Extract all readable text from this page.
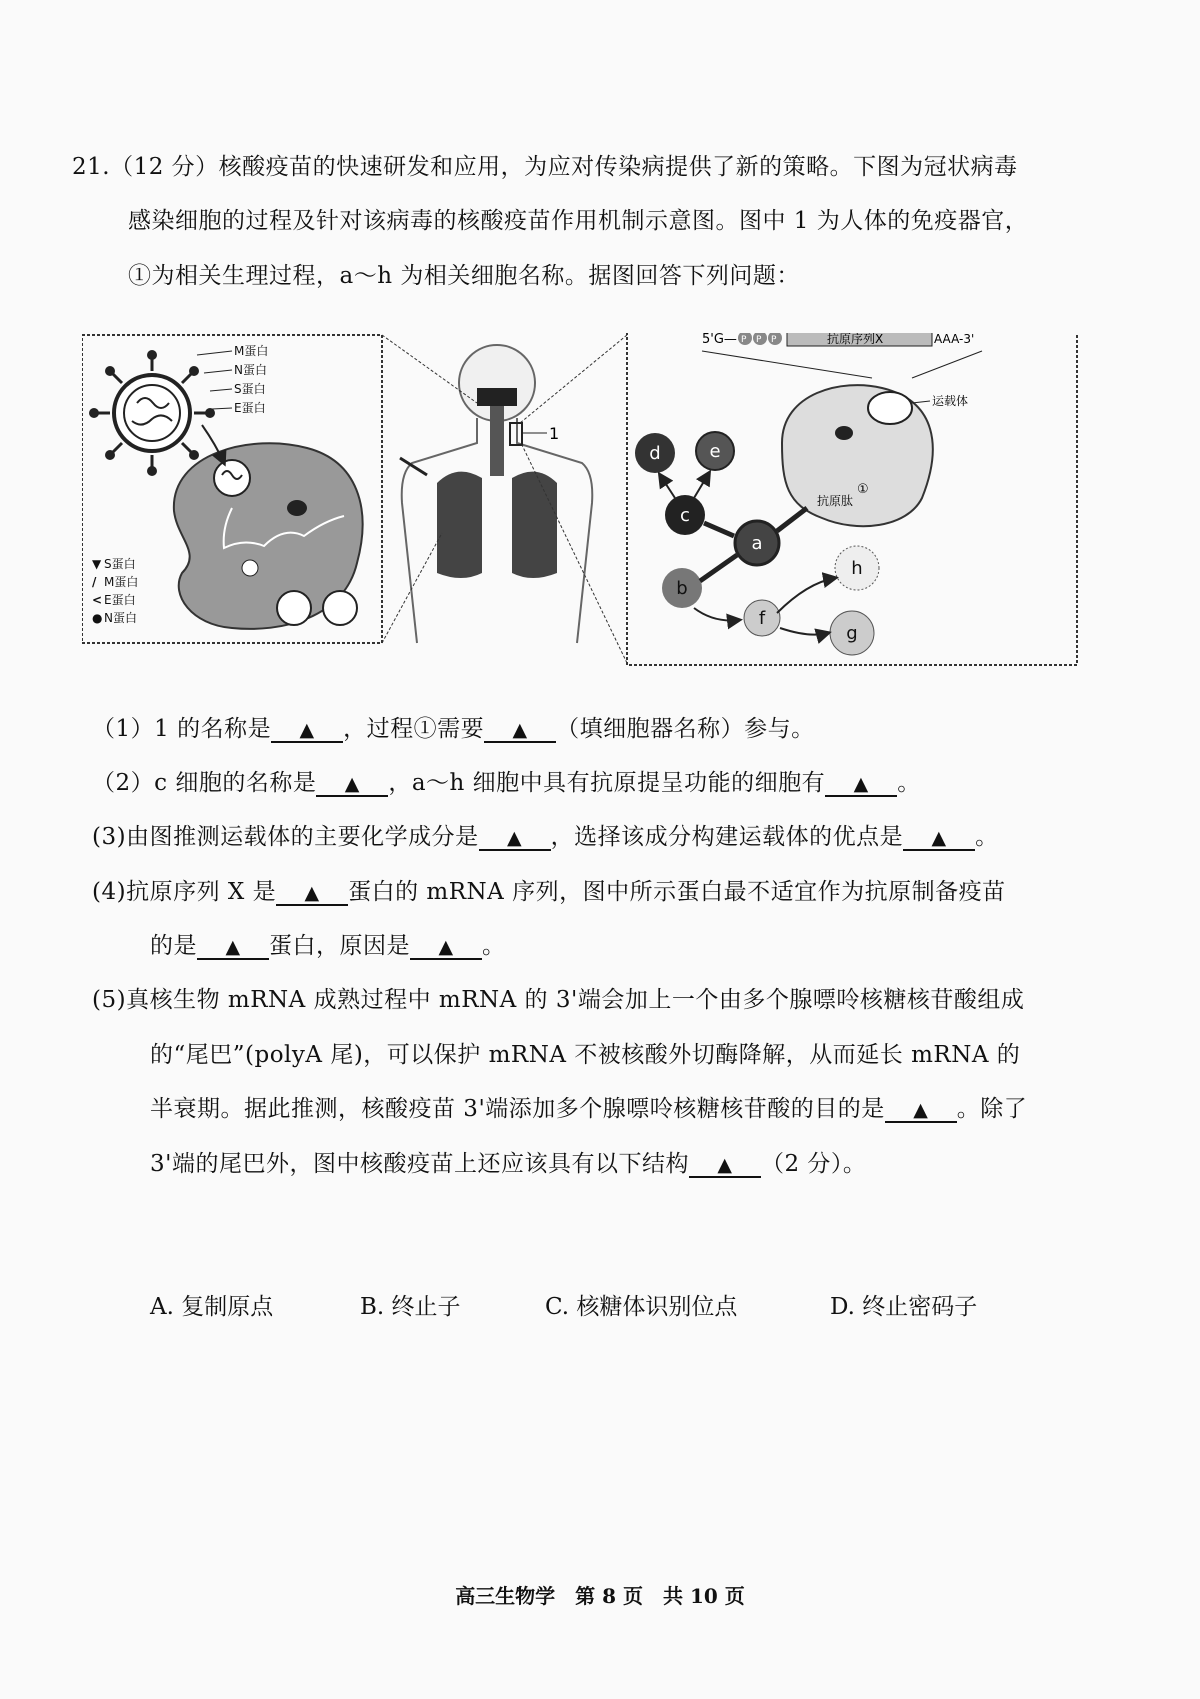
21.（12 分）核酸疫苗的快速研发和应用，为应对传染病提供了新的策略。下图为冠状病毒
感染细胞的过程及针对该病毒的核酸疫苗作用机制示意图。图中 1 为人体的免疫器官，
①为相关生理过程，a～h 为相关细胞名称。据图回答下列问题：
M蛋白
N蛋白
S蛋白
E蛋白
▼ S蛋白
/ M蛋白
< E蛋白
● N蛋白
1
5'G— P P P	抗原序列X	AAA-3'
运载体
抗原肽
①
d	e
c
a
b
f
h
g
（1）1 的名称是 ▲ ，过程①需要 ▲ （填细胞器名称）参与。
（2）c 细胞的名称是 ▲ ，a～h 细胞中具有抗原提呈功能的细胞有 ▲ 。
(3)由图推测运载体的主要化学成分是 ▲ ，选择该成分构建运载体的优点是 ▲ 。
(4)抗原序列 X 是 ▲ 蛋白的 mRNA 序列，图中所示蛋白最不适宜作为抗原制备疫苗
的是 ▲ 蛋白，原因是 ▲ 。
(5)真核生物 mRNA 成熟过程中 mRNA 的 3'端会加上一个由多个腺嘌呤核糖核苷酸组成
的“尾巴”(polyA 尾)，可以保护 mRNA 不被核酸外切酶降解，从而延长 mRNA 的
半衰期。据此推测，核酸疫苗 3'端添加多个腺嘌呤核糖核苷酸的目的是 ▲ 。除了
3'端的尾巴外，图中核酸疫苗上还应该具有以下结构 ▲ （2 分）。
A. 复制原点	B. 终止子	C. 核糖体识别位点	D. 终止密码子
高三生物学　第 8 页　共 10 页
